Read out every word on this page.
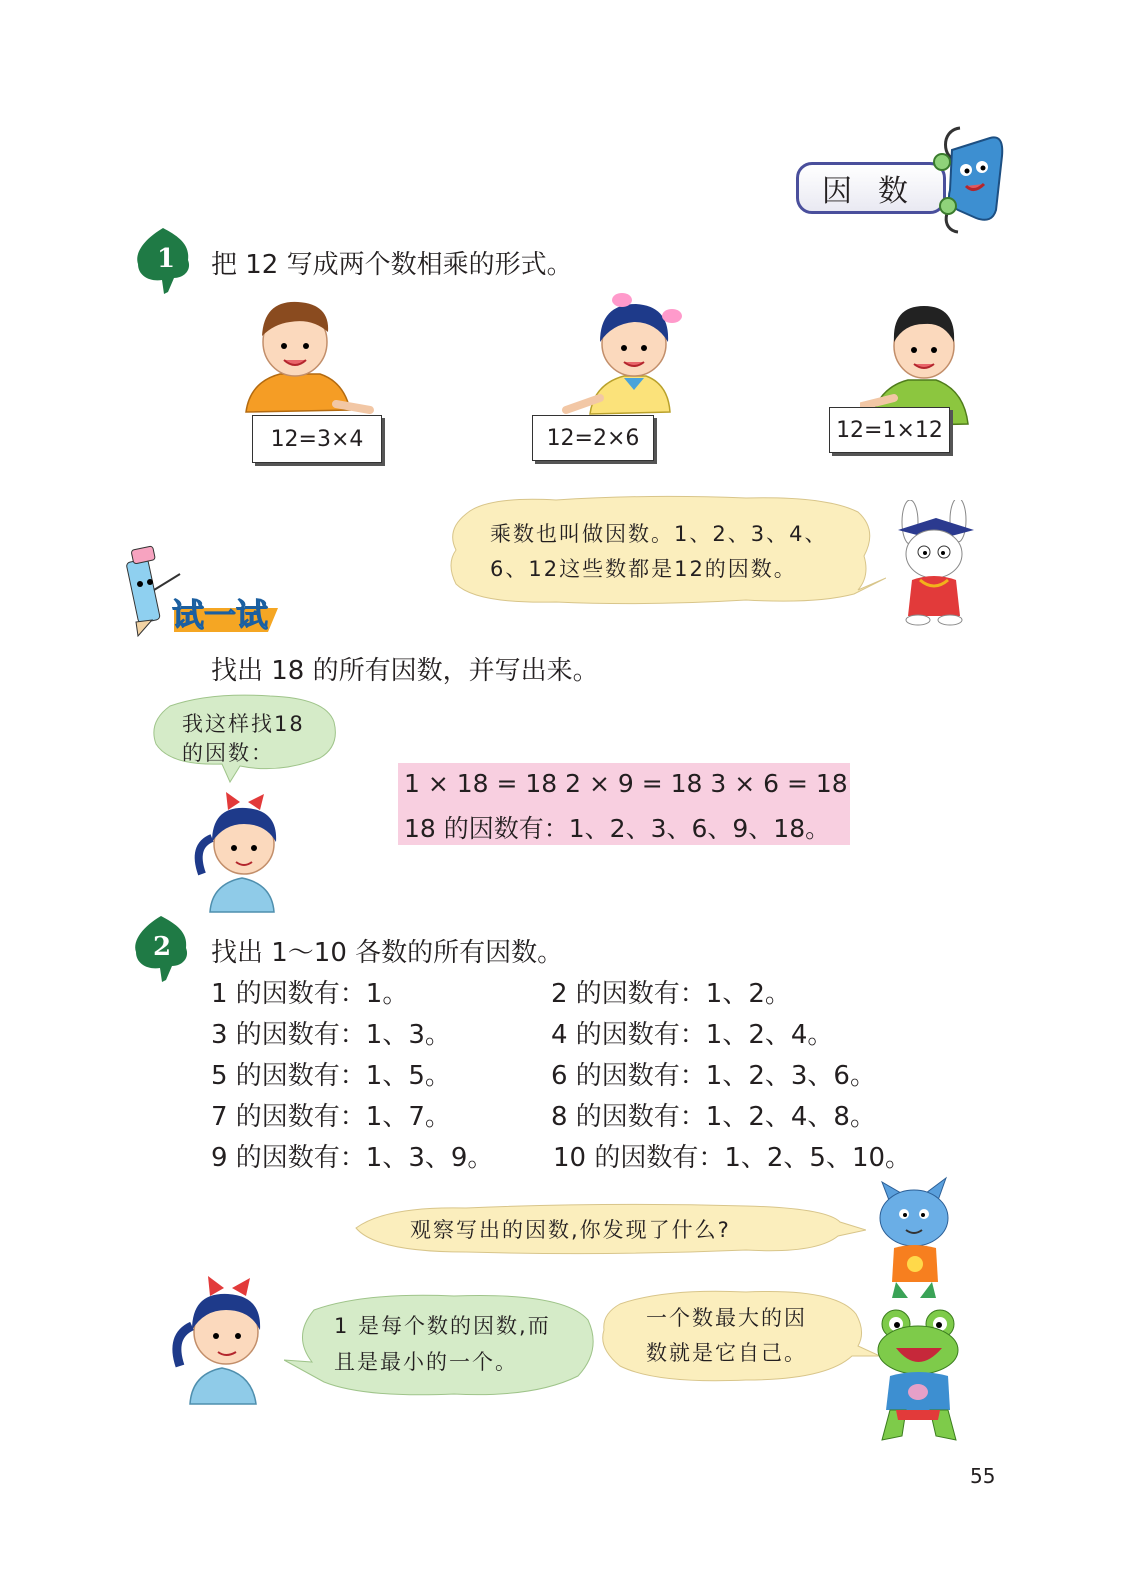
因数
1 把 12 写成两个数相乘的形式。
12=3×4	12=2×6	12=1×12
乘数也叫做因数。1、2、3、4、
6、12这些数都是12的因数。
试一试
找出 18 的所有因数，并写出来。
我这样找18
的因数：
1 × 18 = 18 2 × 9 = 18 3 × 6 = 18
18 的因数有：1、2、3、6、9、18。
2 找出 1～10 各数的所有因数。
1 的因数有：1。
3 的因数有：1、3。
5 的因数有：1、5。
7 的因数有：1、7。
9 的因数有：1、3、9。
2 的因数有：1、2。
4 的因数有：1、2、4。
6 的因数有：1、2、3、6。
8 的因数有：1、2、4、8。
10 的因数有：1、2、5、10。
观察写出的因数,你发现了什么?
1 是每个数的因数,而
且是最小的一个。
一个数最大的因
数就是它自己。
55
